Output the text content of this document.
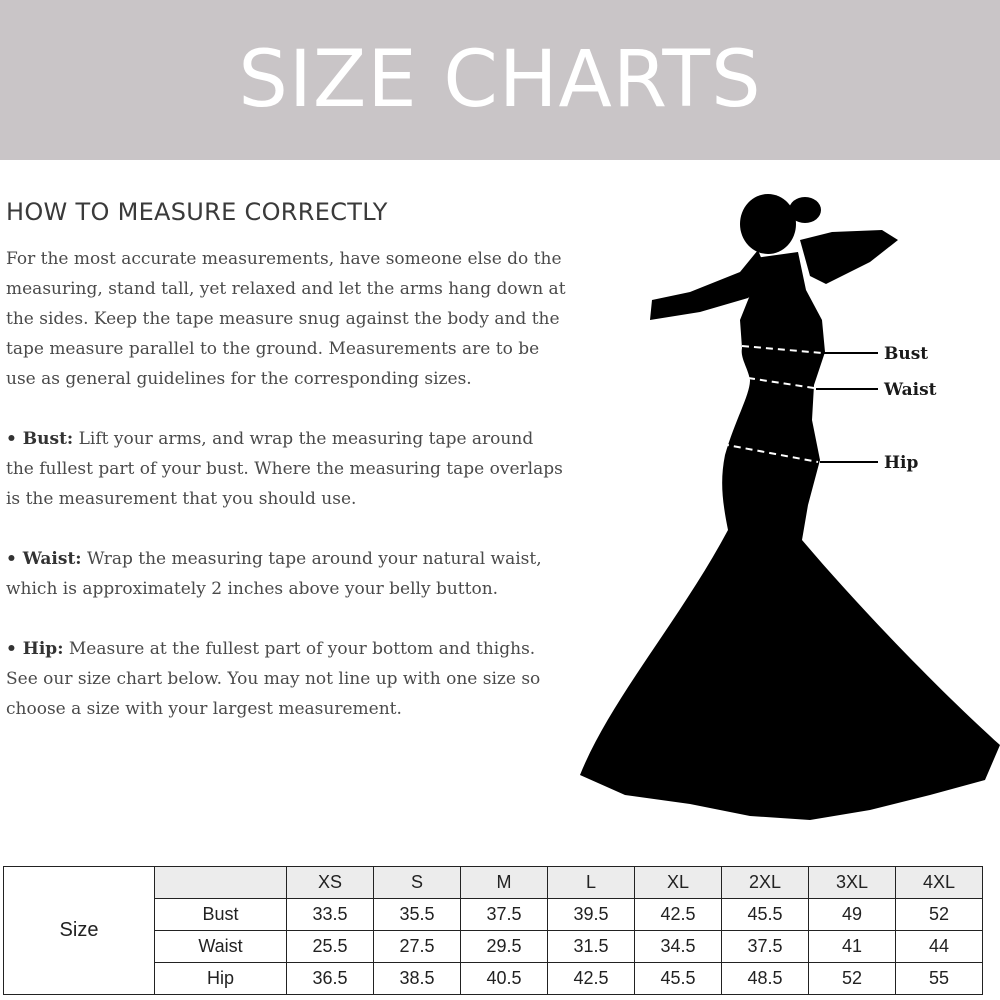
SIZE CHARTS
HOW TO MEASURE CORRECTLY

For the most accurate measurements, have someone else do the measuring, stand tall, yet relaxed and let the arms hang down at the sides. Keep the tape measure snug against the body and the tape measure parallel to the ground. Measurements are to be use as general guidelines for the corresponding sizes.

• Bust: Lift your arms, and wrap the measuring tape around the fullest part of your bust. Where the measuring tape overlaps is the measurement that you should use.

• Waist: Wrap the measuring tape around your natural waist, which is approximately 2 inches above your belly button.

• Hip: Measure at the fullest part of your bottom and thighs. See our size chart below. You may not line up with one size so choose a size with your largest measurement.

Bust
Waist
Hip
Size		XS	S	M	L	XL	2XL	3XL	4XL
	Bust	33.5	35.5	37.5	39.5	42.5	45.5	49	52
	Waist	25.5	27.5	29.5	31.5	34.5	37.5	41	44
	Hip	36.5	38.5	40.5	42.5	45.5	48.5	52	55
